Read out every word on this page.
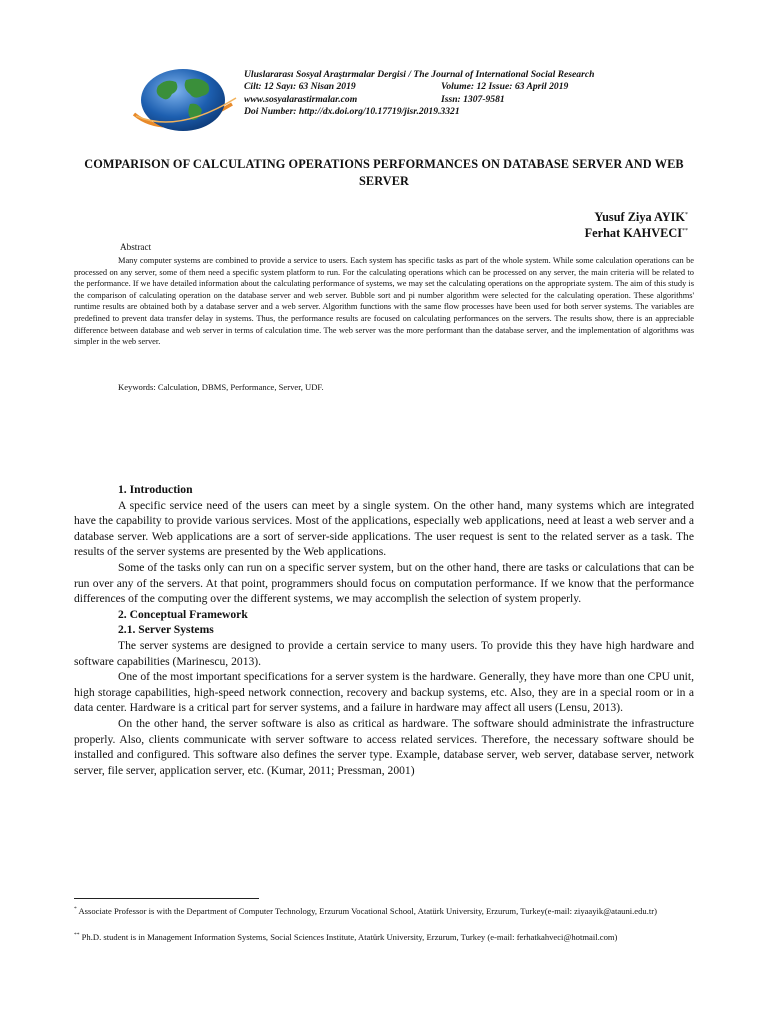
Uluslararası Sosyal Araştırmalar Dergisi / The Journal of International Social Research
Cilt: 12 Sayı: 63 Nisan 2019	Volume: 12 Issue: 63 April 2019
www.sosyalarastirmalar.com	Issn: 1307-9581
Doi Number: http://dx.doi.org/10.17719/jisr.2019.3321
COMPARISON OF CALCULATING OPERATIONS PERFORMANCES ON DATABASE SERVER AND WEB SERVER
Yusuf Ziya AYIK*
Ferhat KAHVECI**
Abstract

Many computer systems are combined to provide a service to users. Each system has specific tasks as part of the whole system. While some calculation operations can be processed on any server, some of them need a specific system platform to run. For the calculating operations which can be processed on any server, the main criteria will be related to the performance. If we have detailed information about the calculating performance of systems, we may set the calculating operations on the appropriate system. The aim of this study is the comparison of calculating operation on the database server and web server. Bubble sort and pi number algorithm were selected for the calculating operation. These algorithms' runtime results are obtained both by a database server and a web server. Algorithm functions with the same flow processes have been used for both server systems. The variables are predefined to prevent data transfer delay in systems. Thus, the performance results are focused on calculating performances on the servers. The results show, there is an appreciable difference between database and web server in terms of calculation time. The web server was the more performant than the database server, and the implementation of algorithms was simpler in the web server.

Keywords: Calculation, DBMS, Performance, Server, UDF.

1. Introduction

A specific service need of the users can meet by a single system. On the other hand, many systems which are integrated have the capability to provide various services. Most of the applications, especially web applications, need at least a web server and a database server. Web applications are a sort of server-side applications. The user request is sent to the related server as a task. The results of the server systems are presented by the Web applications.

Some of the tasks only can run on a specific server system, but on the other hand, there are tasks or calculations that can be run over any of the servers. At that point, programmers should focus on computation performance. If we know that the performance differences of the computing over the different systems, we may accomplish the selection of system properly.

2. Conceptual Framework

2.1. Server Systems

The server systems are designed to provide a certain service to many users. To provide this they have high hardware and software capabilities (Marinescu, 2013).

One of the most important specifications for a server system is the hardware. Generally, they have more than one CPU unit, high storage capabilities, high-speed network connection, recovery and backup systems, etc. Also, they are in a special room or in a data center. Hardware is a critical part for server systems, and a failure in hardware may affect all users (Lensu, 2013).

On the other hand, the server software is also as critical as hardware. The software should administrate the infrastructure properly. Also, clients communicate with server software to access related services. Therefore, the necessary software should be installed and configured. This software also defines the server type. Example, database server, web server, database server, network server, file server, application server, etc. (Kumar, 2011; Pressman, 2001)

* Associate Professor is with the Department of Computer Technology, Erzurum Vocational School, Atatürk University, Erzurum, Turkey(e-mail: ziyaayik@atauni.edu.tr)

** Ph.D. student is in Management Information Systems, Social Sciences Institute, Atatürk University, Erzurum, Turkey (e-mail: ferhatkahveci@hotmail.com)
